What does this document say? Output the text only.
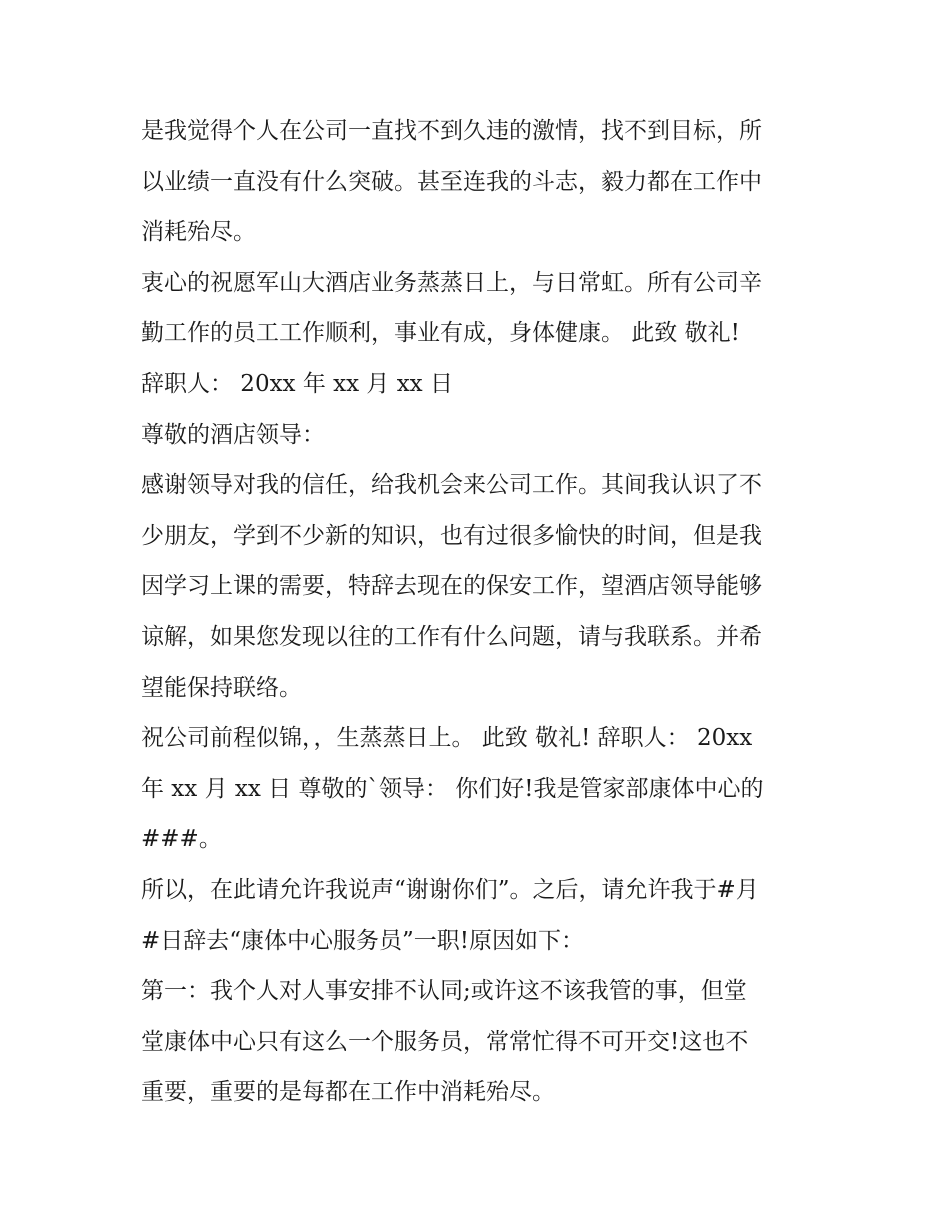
是我觉得个人在公司一直找不到久违的激情，找不到目标，所
以业绩一直没有什么突破。甚至连我的斗志，毅力都在工作中
消耗殆尽。
衷心的祝愿军山大酒店业务蒸蒸日上，与日常虹。所有公司辛
勤工作的员工工作顺利，事业有成，身体健康。 此致 敬礼!
辞职人： 20xx 年 xx 月 xx 日
尊敬的酒店领导：
感谢领导对我的信任，给我机会来公司工作。其间我认识了不
少朋友，学到不少新的知识，也有过很多愉快的时间，但是我
因学习上课的需要，特辞去现在的保安工作，望酒店领导能够
谅解，如果您发现以往的工作有什么问题，请与我联系。并希
望能保持联络。
祝公司前程似锦，，生蒸蒸日上。 此致 敬礼! 辞职人： 20xx
年 xx 月 xx 日 尊敬的`领导： 你们好!我是管家部康体中心的
###。
所以，在此请允许我说声“谢谢你们”。之后，请允许我于#月
#日辞去“康体中心服务员”一职!原因如下：
第一：我个人对人事安排不认同;或许这不该我管的事，但堂
堂康体中心只有这么一个服务员，常常忙得不可开交!这也不
重要，重要的是每都在工作中消耗殆尽。
